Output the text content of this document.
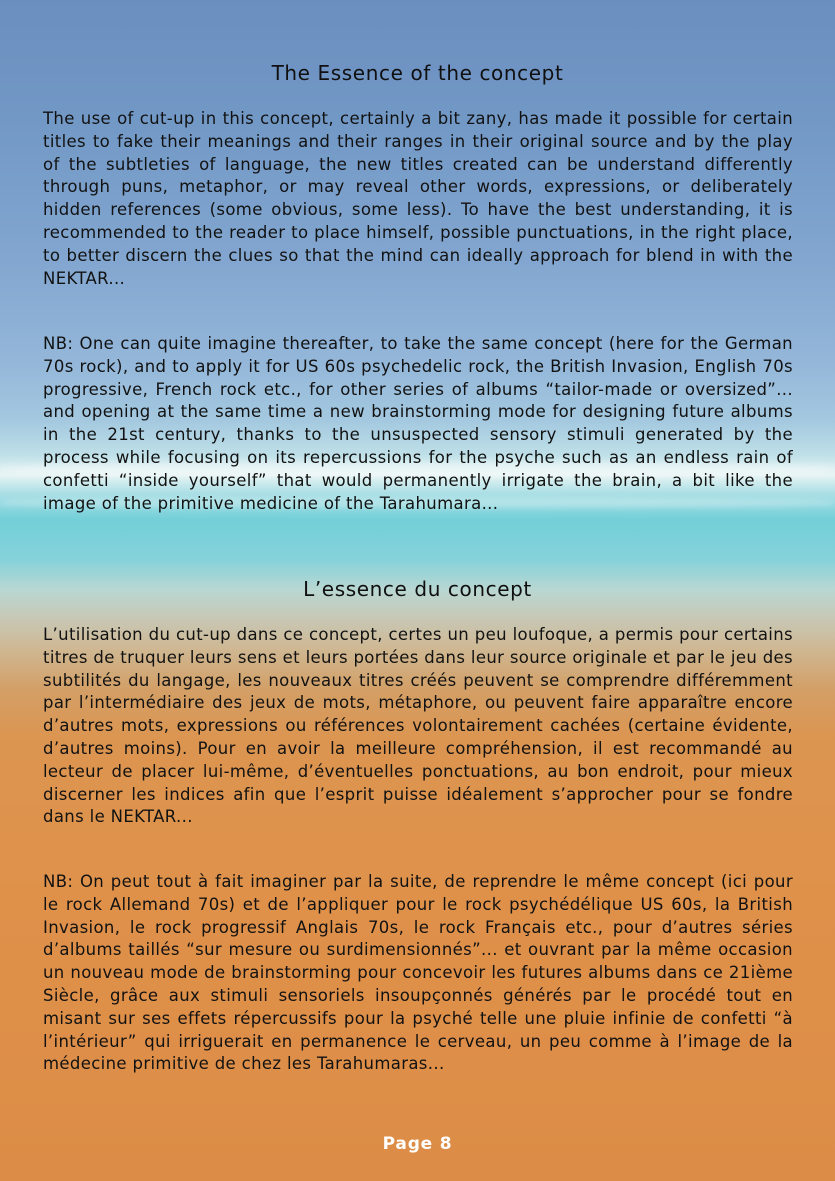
The Essence of the concept

The use of cut-up in this concept, certainly a bit zany, has made it possible for certain titles to fake their meanings and their ranges in their original source and by the play of the subtleties of language, the new titles created can be understand differently through puns, metaphor, or may reveal other words, expressions, or deliberately hidden references (some obvious, some less). To have the best understanding, it is recommended to the reader to place himself, possible punctuations, in the right place, to better discern the clues so that the mind can ideally approach for blend in with the NEKTAR...

NB: One can quite imagine thereafter, to take the same concept (here for the German 70s rock), and to apply it for US 60s psychedelic rock, the British Invasion, English 70s progressive, French rock etc., for other series of albums “tailor-made or oversized”... and opening at the same time a new brainstorming mode for designing future albums in the 21st century, thanks to the unsuspected sensory stimuli generated by the process while focusing on its repercussions for the psyche such as an endless rain of confetti “inside yourself” that would permanently irrigate the brain, a bit like the image of the primitive medicine of the Tarahumara...

L’essence du concept

L’utilisation du cut-up dans ce concept, certes un peu loufoque, a permis pour certains titres de truquer leurs sens et leurs portées dans leur source originale et par le jeu des subtilités du langage, les nouveaux titres créés peuvent se comprendre différemment par l’intermédiaire des jeux de mots, métaphore, ou peuvent faire apparaître encore d’autres mots, expressions ou références volontairement cachées (certaine évidente, d’autres moins). Pour en avoir la meilleure compréhension, il est recommandé au lecteur de placer lui-même, d’éventuelles ponctuations, au bon endroit, pour mieux discerner les indices afin que l’esprit puisse idéalement s’approcher pour se fondre dans le NEKTAR...

NB: On peut tout à fait imaginer par la suite, de reprendre le même concept (ici pour le rock Allemand 70s) et de l’appliquer pour le rock psychédélique US 60s, la British Invasion, le rock progressif Anglais 70s, le rock Français etc., pour d’autres séries d’albums taillés “sur mesure ou surdimensionnés”... et ouvrant par la même occasion un nouveau mode de brainstorming pour concevoir les futures albums dans ce 21ième Siècle, grâce aux stimuli sensoriels insoupçonnés générés par le procédé tout en misant sur ses effets répercussifs pour la psyché telle une pluie infinie de confetti “à l’intérieur” qui irriguerait en permanence le cerveau, un peu comme à l’image de la médecine primitive de chez les Tarahumaras...

Page 8
